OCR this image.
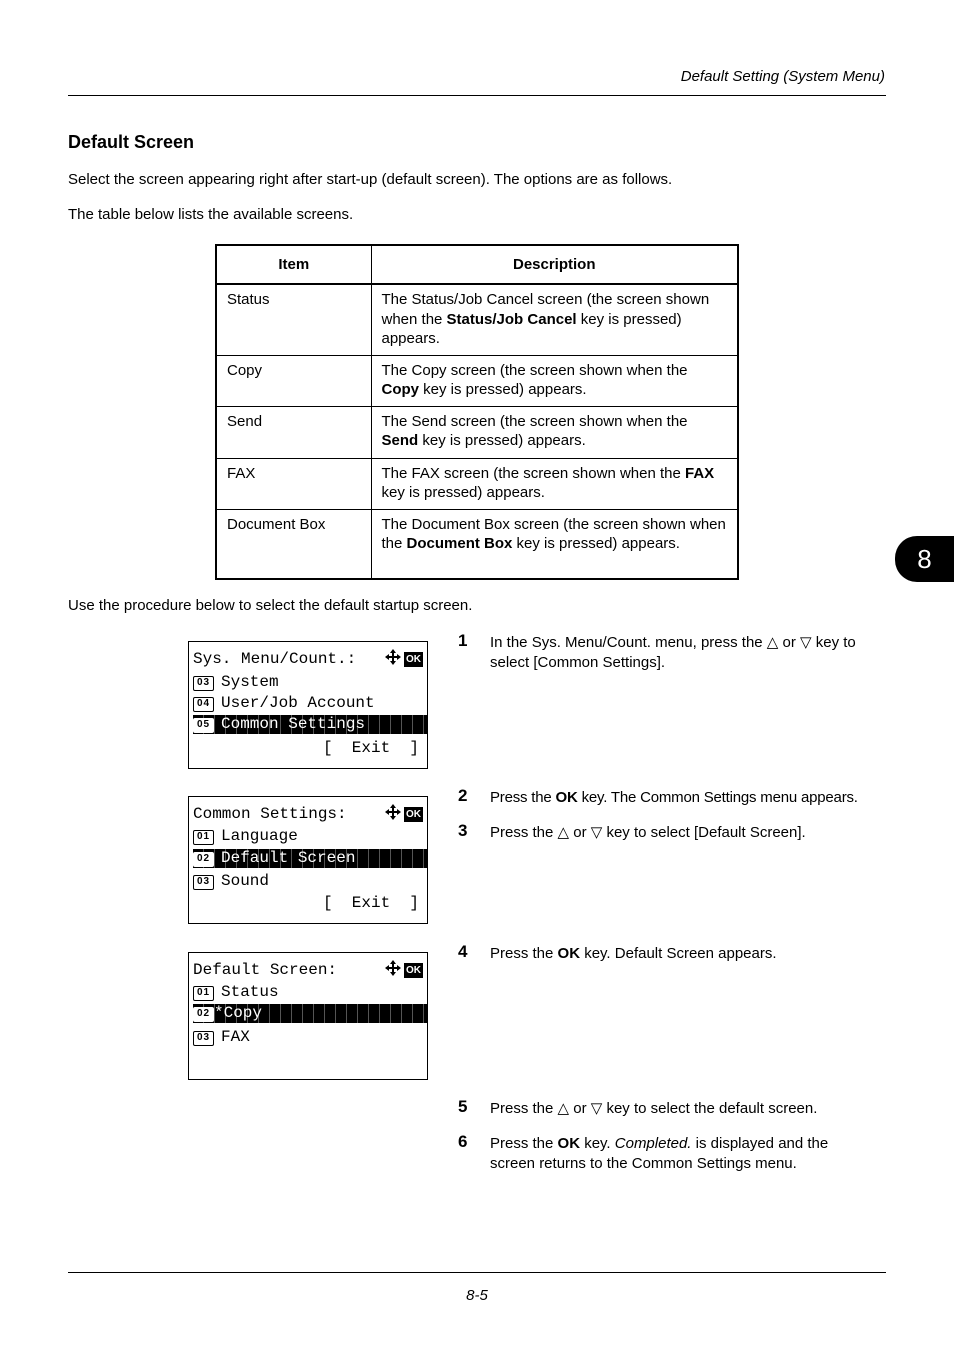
Default Setting (System Menu)
Default Screen
Select the screen appearing right after start-up (default screen). The options are as follows.
The table below lists the available screens.
Item	Description
Status	The Status/Job Cancel screen (the screen shown when the Status/Job Cancel key is pressed) appears.
Copy	The Copy screen (the screen shown when the Copy key is pressed) appears.
Send	The Send screen (the screen shown when the Send key is pressed) appears.
FAX	The FAX screen (the screen shown when the FAX key is pressed) appears.
Document Box	The Document Box screen (the screen shown when the Document Box key is pressed) appears.	8
Use the procedure below to select the default startup screen.
Sys. Menu/Count.:	OK
03 System
04 User/Job Account
05 Common Settings
[  Exit  ]
Common Settings:	OK
01 Language
02 Default Screen
03 Sound
[  Exit  ]
Default Screen:	OK
01 Status
02 *Copy
03 FAX
1 In the Sys. Menu/Count. menu, press the △ or ▽ key to select [Common Settings].
2 Press the OK key. The Common Settings menu appears.
3 Press the △ or ▽ key to select [Default Screen].
4 Press the OK key. Default Screen appears.
5 Press the △ or ▽ key to select the default screen.
6 Press the OK key. Completed. is displayed and the screen returns to the Common Settings menu.
8-5
